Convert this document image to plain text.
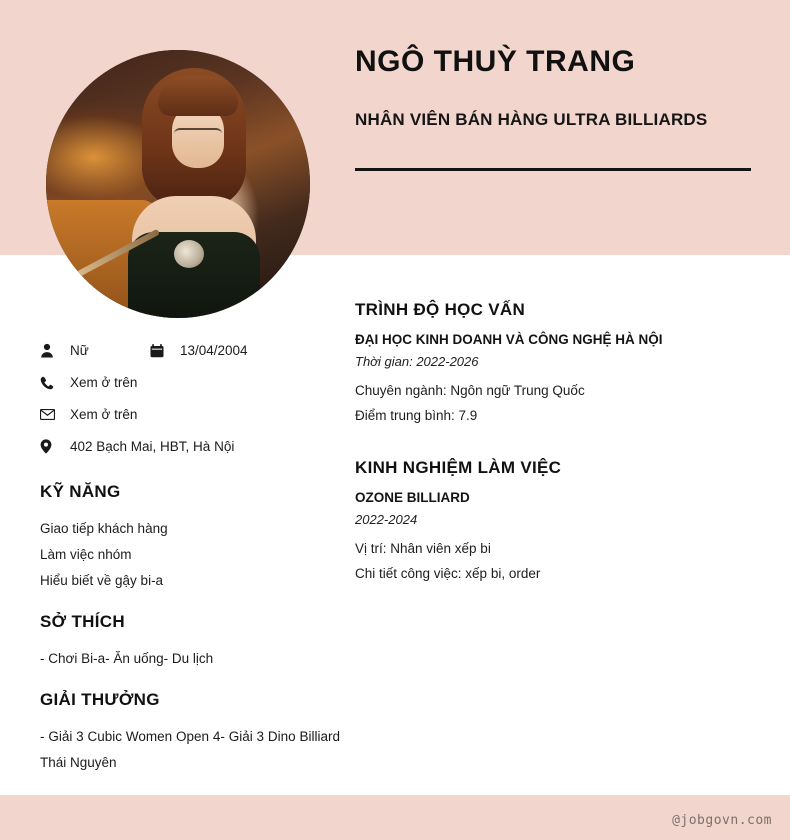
NGÔ THUỲ TRANG
NHÂN VIÊN BÁN HÀNG ULTRA BILLIARDS
Nữ	13/04/2004
Xem ở trên
Xem ở trên
402 Bạch Mai, HBT, Hà Nội
KỸ NĂNG
Giao tiếp khách hàng
Làm việc nhóm
Hiểu biết về gậy bi-a
SỞ THÍCH
- Chơi Bi-a- Ăn uống- Du lịch
GIẢI THƯỞNG
- Giải 3 Cubic Women Open 4- Giải 3 Dino Billiard Thái Nguyên
TRÌNH ĐỘ HỌC VẤN
ĐẠI HỌC KINH DOANH VÀ CÔNG NGHỆ HÀ NỘI
Thời gian: 2022-2026
Chuyên ngành: Ngôn ngữ Trung Quốc
Điểm trung bình: 7.9
KINH NGHIỆM LÀM VIỆC
OZONE BILLIARD
2022-2024
Vị trí: Nhân viên xếp bi
Chi tiết công việc: xếp bi, order
@jobgovn.com
